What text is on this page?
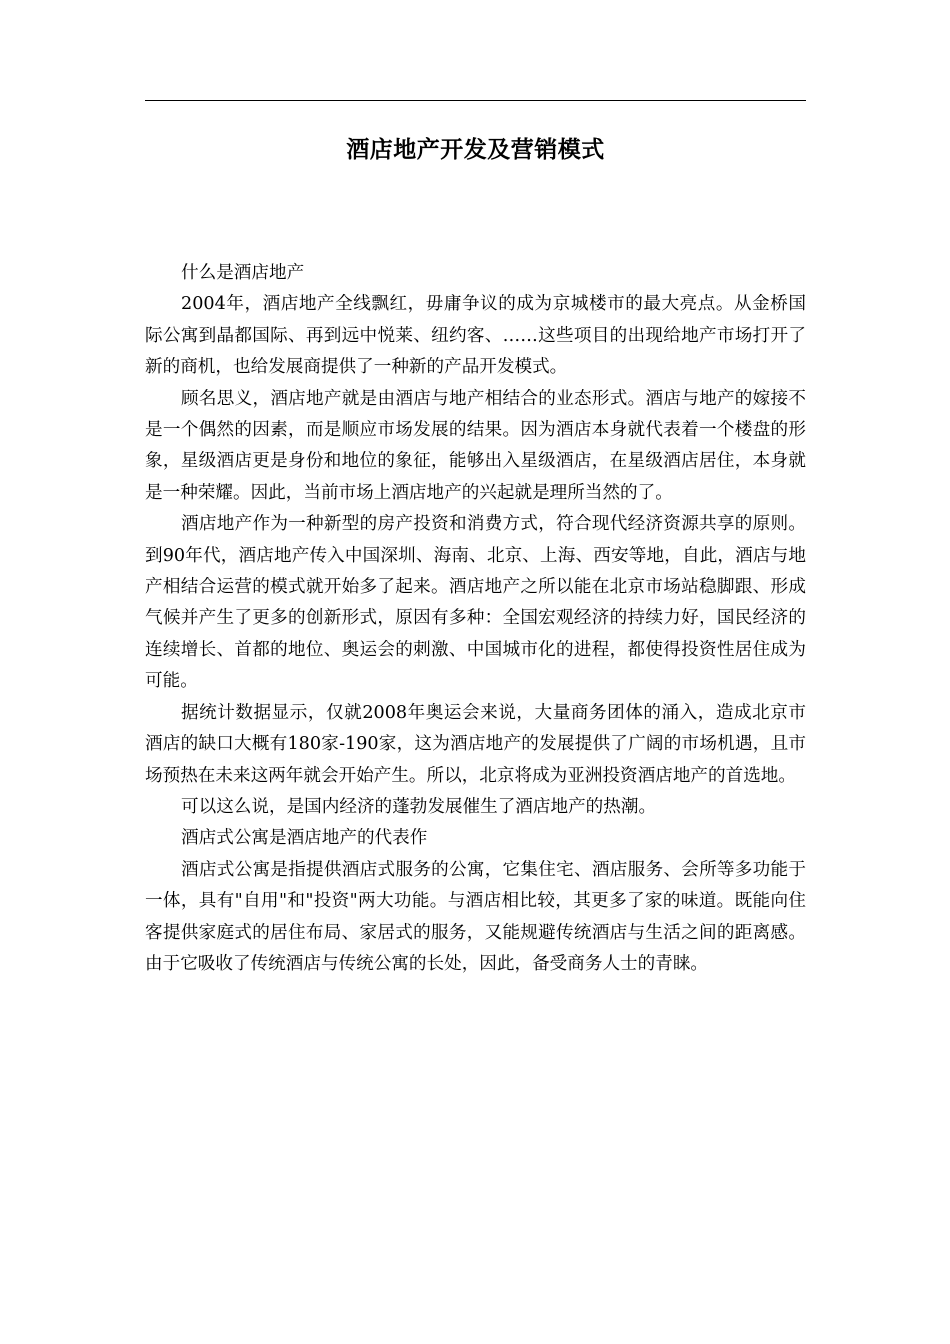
酒店地产开发及营销模式

什么是酒店地产

2004年，酒店地产全线飘红，毋庸争议的成为京城楼市的最大亮点。从金桥国际公寓到晶都国际、再到远中悦莱、纽约客、……这些项目的出现给地产市场打开了新的商机，也给发展商提供了一种新的产品开发模式。

顾名思义，酒店地产就是由酒店与地产相结合的业态形式。酒店与地产的嫁接不是一个偶然的因素，而是顺应市场发展的结果。因为酒店本身就代表着一个楼盘的形象，星级酒店更是身份和地位的象征，能够出入星级酒店，在星级酒店居住，本身就是一种荣耀。因此，当前市场上酒店地产的兴起就是理所当然的了。

酒店地产作为一种新型的房产投资和消费方式，符合现代经济资源共享的原则。到90年代，酒店地产传入中国深圳、海南、北京、上海、西安等地，自此，酒店与地产相结合运营的模式就开始多了起来。酒店地产之所以能在北京市场站稳脚跟、形成气候并产生了更多的创新形式，原因有多种：全国宏观经济的持续力好，国民经济的连续增长、首都的地位、奥运会的刺激、中国城市化的进程，都使得投资性居住成为可能。

据统计数据显示，仅就2008年奥运会来说，大量商务团体的涌入，造成北京市酒店的缺口大概有180家-190家，这为酒店地产的发展提供了广阔的市场机遇，且市场预热在未来这两年就会开始产生。所以，北京将成为亚洲投资酒店地产的首选地。

可以这么说，是国内经济的蓬勃发展催生了酒店地产的热潮。

酒店式公寓是酒店地产的代表作

酒店式公寓是指提供酒店式服务的公寓，它集住宅、酒店服务、会所等多功能于一体，具有"自用"和"投资"两大功能。与酒店相比较，其更多了家的味道。既能向住客提供家庭式的居住布局、家居式的服务，又能规避传统酒店与生活之间的距离感。由于它吸收了传统酒店与传统公寓的长处，因此，备受商务人士的青睐。
